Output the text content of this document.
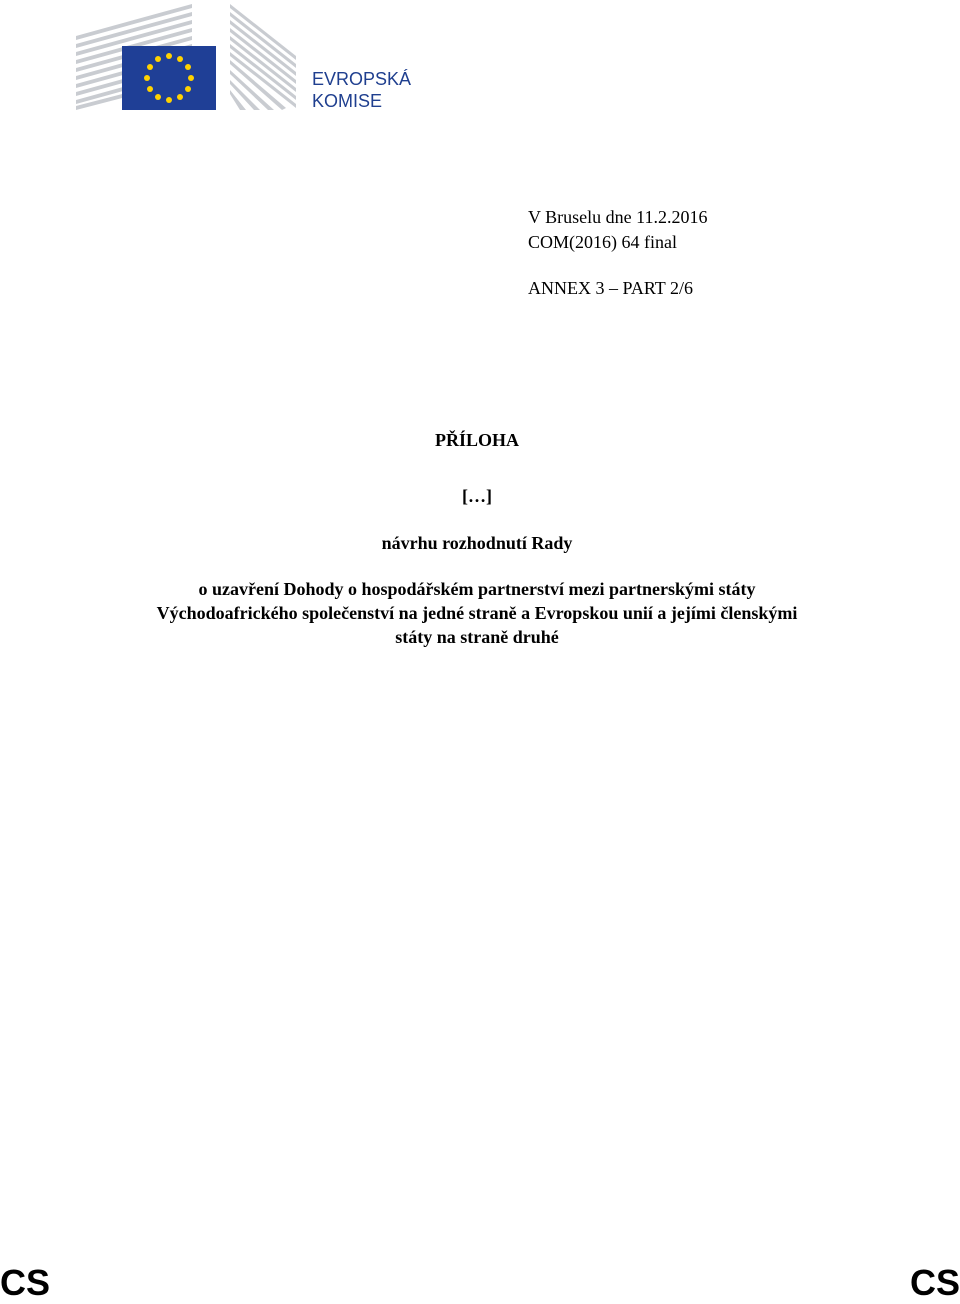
EVROPSKÁ
KOMISE
V Bruselu dne 11.2.2016
COM(2016) 64 final
ANNEX 3 – PART 2/6
PŘÍLOHA
[…]
návrhu rozhodnutí Rady
o uzavření Dohody o hospodářském partnerství mezi partnerskými státy
Východoafrického společenství na jedné straně a Evropskou unií a jejími členskými
státy na straně druhé
CS	CS
